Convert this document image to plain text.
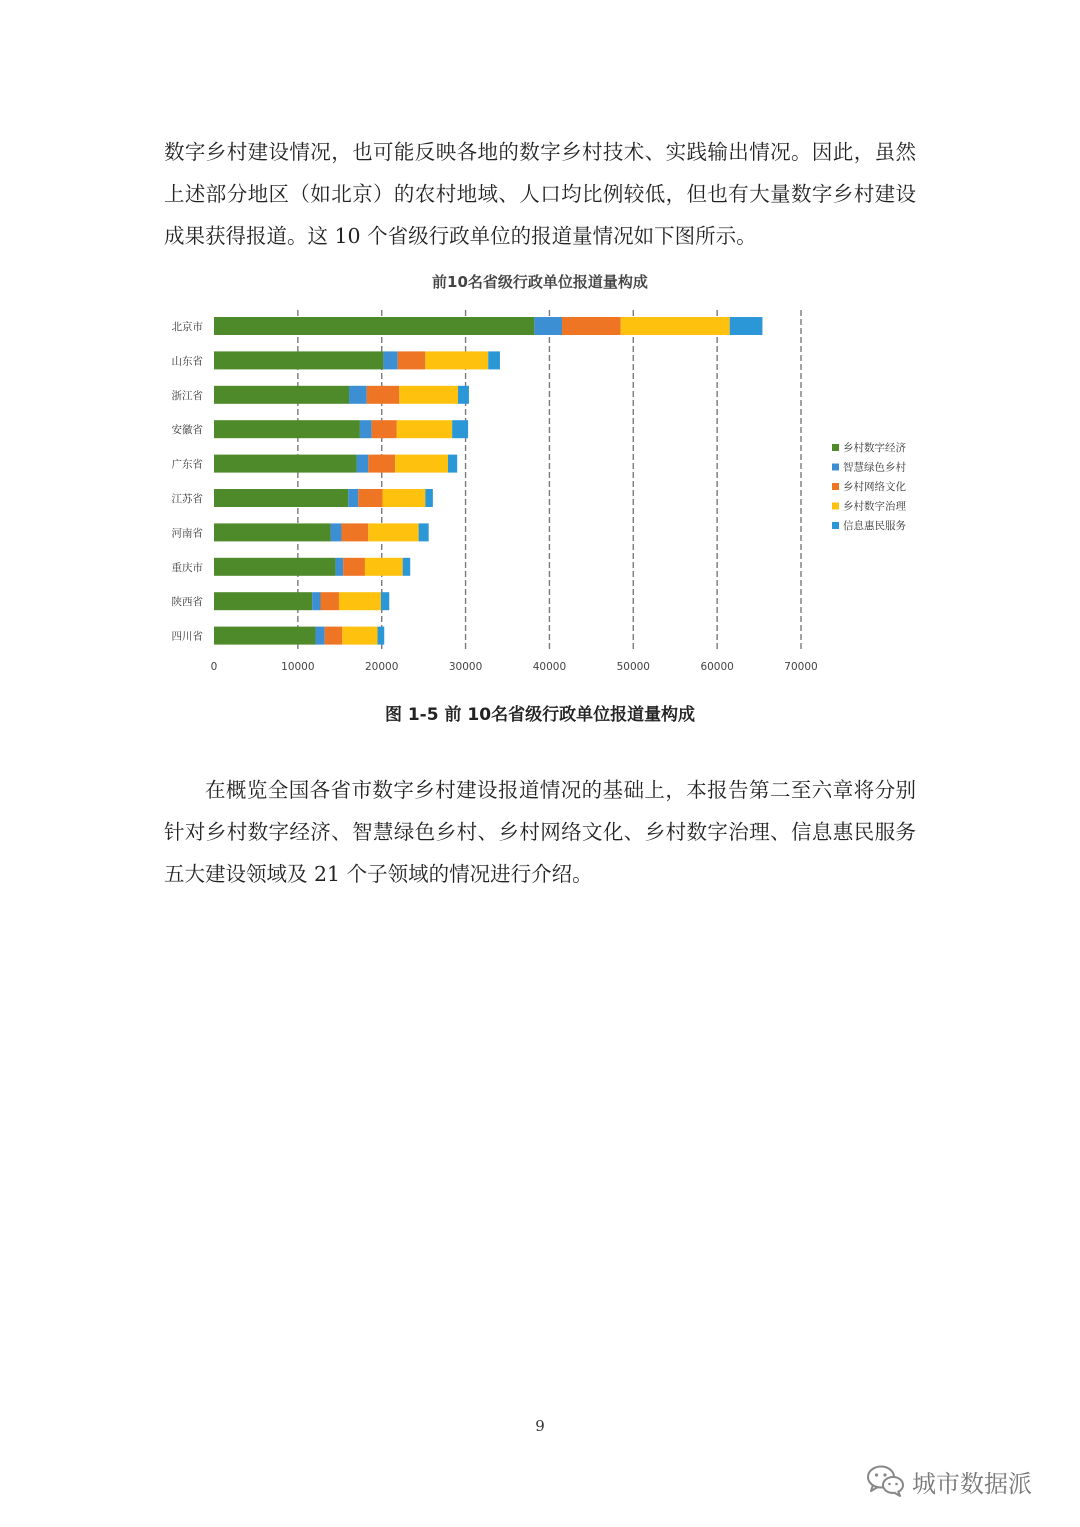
数字乡村建设情况，也可能反映各地的数字乡村技术、实践输出情况。因此，虽然上述部分地区（如北京）的农村地域、人口均比例较低，但也有大量数字乡村建设成果获得报道。这 10 个省级行政单位的报道量情况如下图所示。

前10名省级行政单位报道量构成
北京市
山东省
浙江省
安徽省
广东省
江苏省
河南省
重庆市
陕西省
四川省
0	10000	20000	30000	40000	50000	60000	70000
乡村数字经济
智慧绿色乡村
乡村网络文化
乡村数字治理
信息惠民服务
图 1-5 前 10名省级行政单位报道量构成

在概览全国各省市数字乡村建设报道情况的基础上，本报告第二至六章将分别针对乡村数字经济、智慧绿色乡村、乡村网络文化、乡村数字治理、信息惠民服务五大建设领域及 21 个子领域的情况进行介绍。

9
城市数据派
